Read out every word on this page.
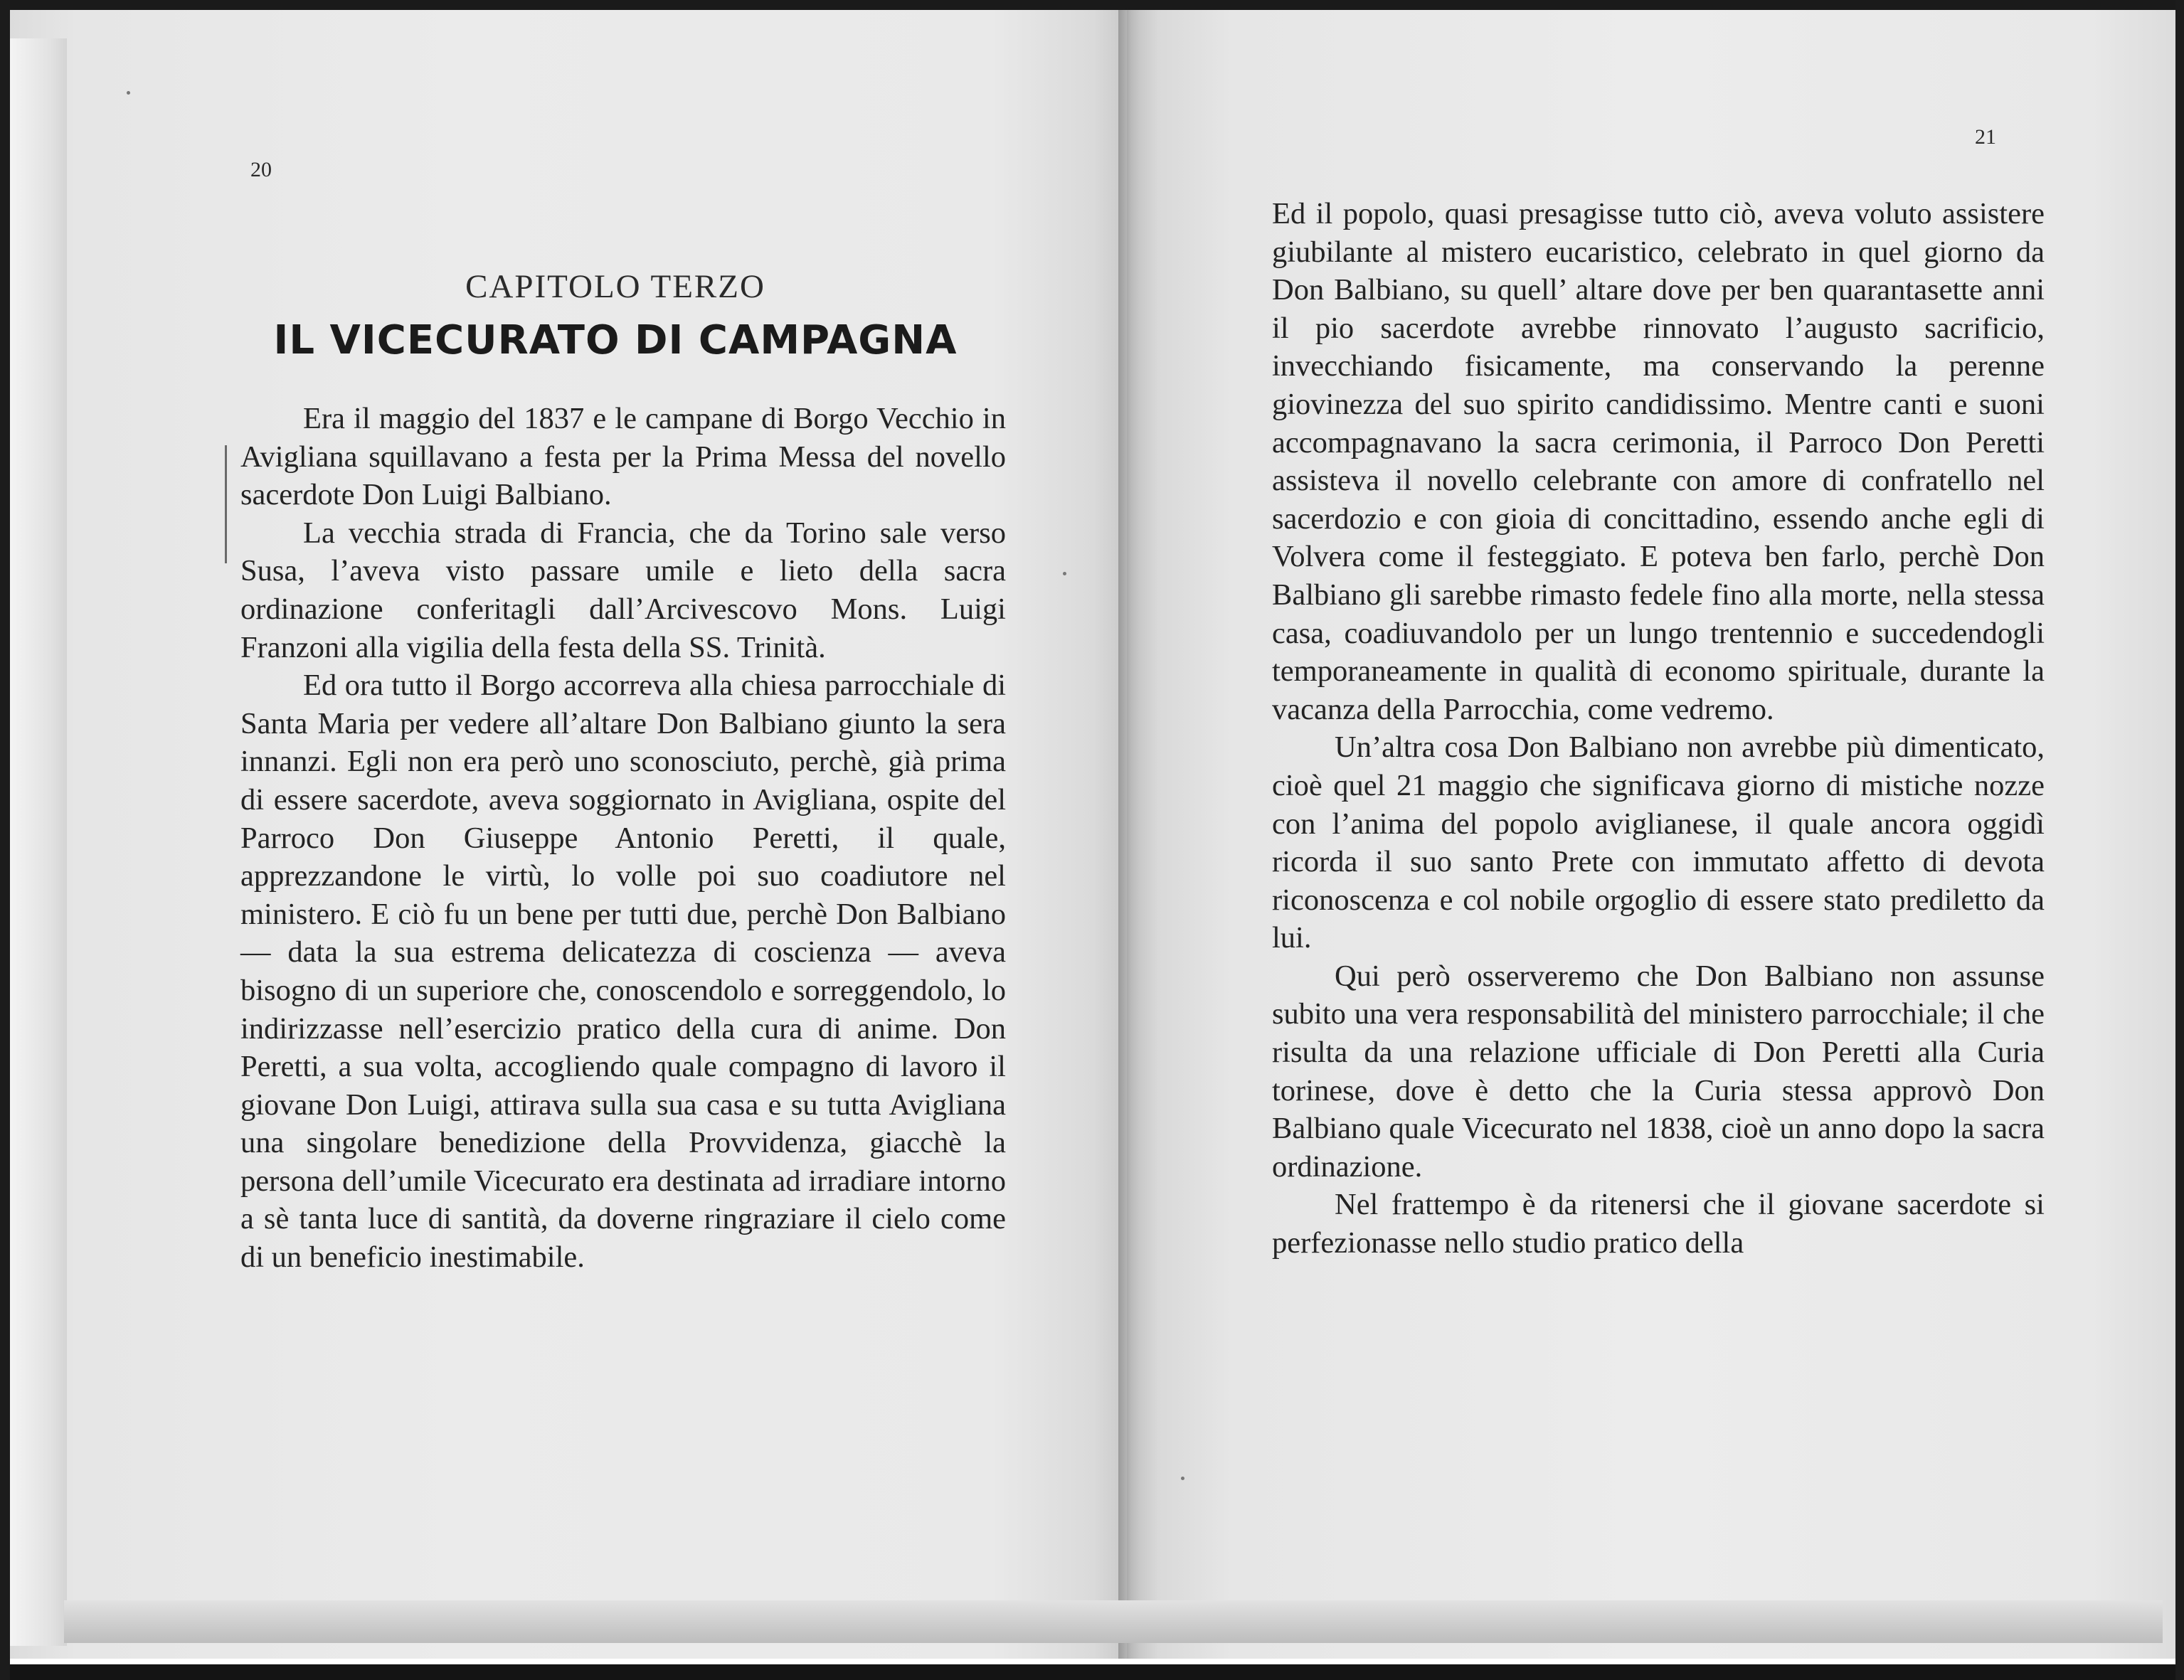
20
21
CAPITOLO TERZO
IL VICECURATO DI CAMPAGNA

Era il maggio del 1837 e le campane di Borgo Vecchio in Avigliana squillavano a festa per la Prima Messa del novello sacerdote Don Luigi Balbiano.

La vecchia strada di Francia, che da Torino sale verso Susa, l’aveva visto passare umile e lieto della sacra ordinazione conferitagli dall’Arcivescovo Mons. Luigi Franzoni alla vigilia della festa della SS. Trinità.

Ed ora tutto il Borgo accorreva alla chiesa parrocchiale di Santa Maria per vedere all’altare Don Balbiano giunto la sera innanzi. Egli non era però uno sconosciuto, perchè, già prima di essere sacerdote, aveva soggiornato in Avigliana, ospite del Parroco Don Giuseppe Antonio Peretti, il quale, apprezzandone le virtù, lo volle poi suo coadiutore nel ministero. E ciò fu un bene per tutti due, perchè Don Balbiano — data la sua estrema delicatezza di coscienza — aveva bisogno di un superiore che, conoscendolo e sorreggendolo, lo indirizzasse nell’esercizio pratico della cura di anime. Don Peretti, a sua volta, accogliendo quale compagno di lavoro il giovane Don Luigi, attirava sulla sua casa e su tutta Avigliana una singolare benedizione della Provvidenza, giacchè la persona dell’umile Vicecurato era destinata ad irradiare intorno a sè tanta luce di santità, da doverne ringraziare il cielo come di un beneficio inestimabile.

Ed il popolo, quasi presagisse tutto ciò, aveva voluto assistere giubilante al mistero eucaristico, celebrato in quel giorno da Don Balbiano, su quell’ altare dove per ben quarantasette anni il pio sacerdote avrebbe rinnovato l’augusto sacrificio, invecchiando fisicamente, ma conservando la perenne giovinezza del suo spirito candidissimo. Mentre canti e suoni accompagnavano la sacra cerimonia, il Parroco Don Peretti assisteva il novello celebrante con amore di confratello nel sacerdozio e con gioia di concittadino, essendo anche egli di Volvera come il festeggiato. E poteva ben farlo, perchè Don Balbiano gli sarebbe rimasto fedele fino alla morte, nella stessa casa, coadiuvandolo per un lungo trentennio e succedendogli temporaneamente in qualità di economo spirituale, durante la vacanza della Parrocchia, come vedremo.

Un’altra cosa Don Balbiano non avrebbe più dimenticato, cioè quel 21 maggio che significava giorno di mistiche nozze con l’anima del popolo aviglianese, il quale ancora oggidì ricorda il suo santo Prete con immutato affetto di devota riconoscenza e col nobile orgoglio di essere stato prediletto da lui.

Qui però osserveremo che Don Balbiano non assunse subito una vera responsabilità del ministero parrocchiale; il che risulta da una relazione ufficiale di Don Peretti alla Curia torinese, dove è detto che la Curia stessa approvò Don Balbiano quale Vicecurato nel 1838, cioè un anno dopo la sacra ordinazione.

Nel frattempo è da ritenersi che il giovane sacerdote si perfezionasse nello studio pratico della
